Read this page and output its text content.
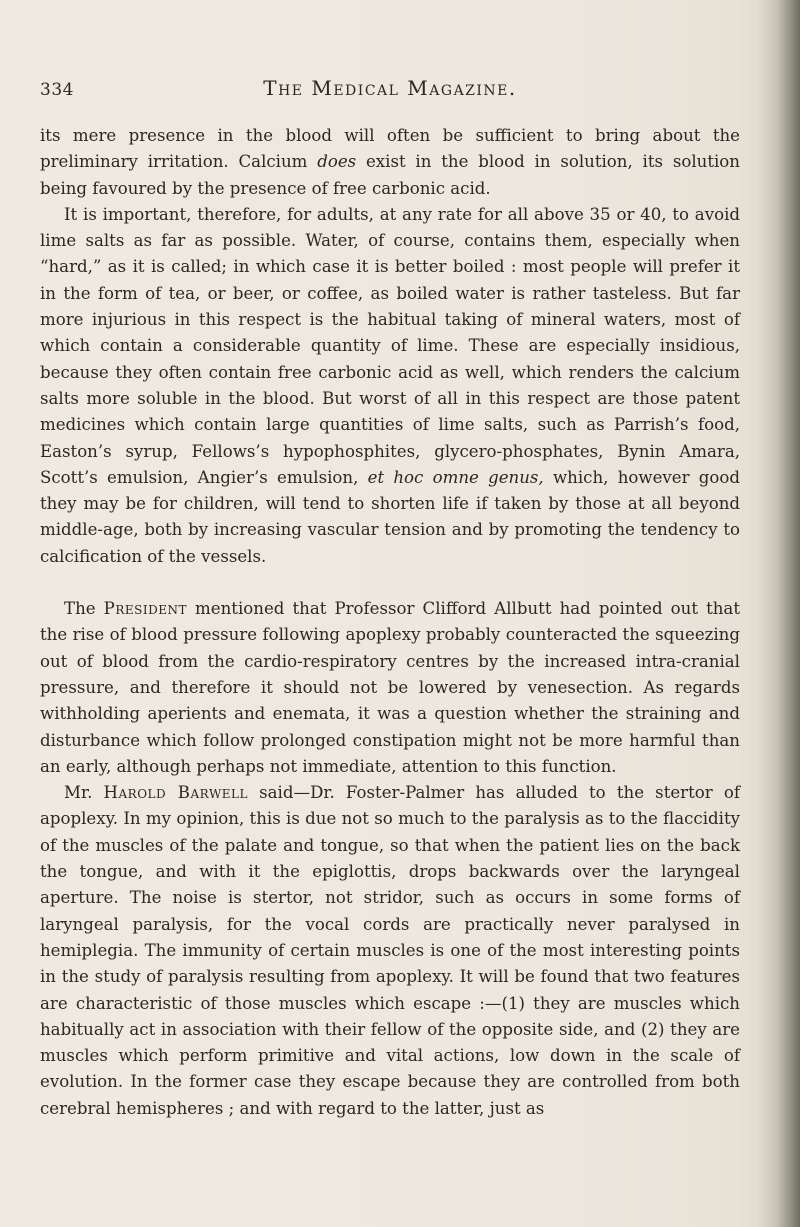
334	The Medical Magazine.

its mere presence in the blood will often be sufficient to bring about the preliminary irritation. Calcium does exist in the blood in solution, its solution being favoured by the presence of free carbonic acid.

It is important, therefore, for adults, at any rate for all above 35 or 40, to avoid lime salts as far as possible. Water, of course, contains them, especially when “hard,” as it is called; in which case it is better boiled : most people will prefer it in the form of tea, or beer, or coffee, as boiled water is rather tasteless. But far more injurious in this respect is the habitual taking of mineral waters, most of which contain a considerable quantity of lime. These are especially insidious, because they often contain free carbonic acid as well, which renders the calcium salts more soluble in the blood. But worst of all in this respect are those patent medicines which contain large quantities of lime salts, such as Parrish’s food, Easton’s syrup, Fellows’s hypophosphites, glycero-phosphates, Bynin Amara, Scott’s emulsion, Angier’s emulsion, et hoc omne genus, which, however good they may be for children, will tend to shorten life if taken by those at all beyond middle-age, both by increasing vascular tension and by promoting the tendency to calcification of the vessels.

The President mentioned that Professor Clifford Allbutt had pointed out that the rise of blood pressure following apoplexy probably counteracted the squeezing out of blood from the cardio-respiratory centres by the increased intra-cranial pressure, and therefore it should not be lowered by venesection. As regards withholding aperients and enemata, it was a question whether the straining and disturbance which follow prolonged constipation might not be more harmful than an early, although perhaps not immediate, attention to this function.

Mr. Harold Barwell said—Dr. Foster-Palmer has alluded to the stertor of apoplexy. In my opinion, this is due not so much to the paralysis as to the flaccidity of the muscles of the palate and tongue, so that when the patient lies on the back the tongue, and with it the epiglottis, drops backwards over the laryngeal aperture. The noise is stertor, not stridor, such as occurs in some forms of laryngeal paralysis, for the vocal cords are practically never paralysed in hemiplegia. The immunity of certain muscles is one of the most interesting points in the study of paralysis resulting from apoplexy. It will be found that two features are characteristic of those muscles which escape :—(1) they are muscles which habitually act in association with their fellow of the opposite side, and (2) they are muscles which perform primitive and vital actions, low down in the scale of evolution. In the former case they escape because they are controlled from both cerebral hemispheres ; and with regard to the latter, just as
